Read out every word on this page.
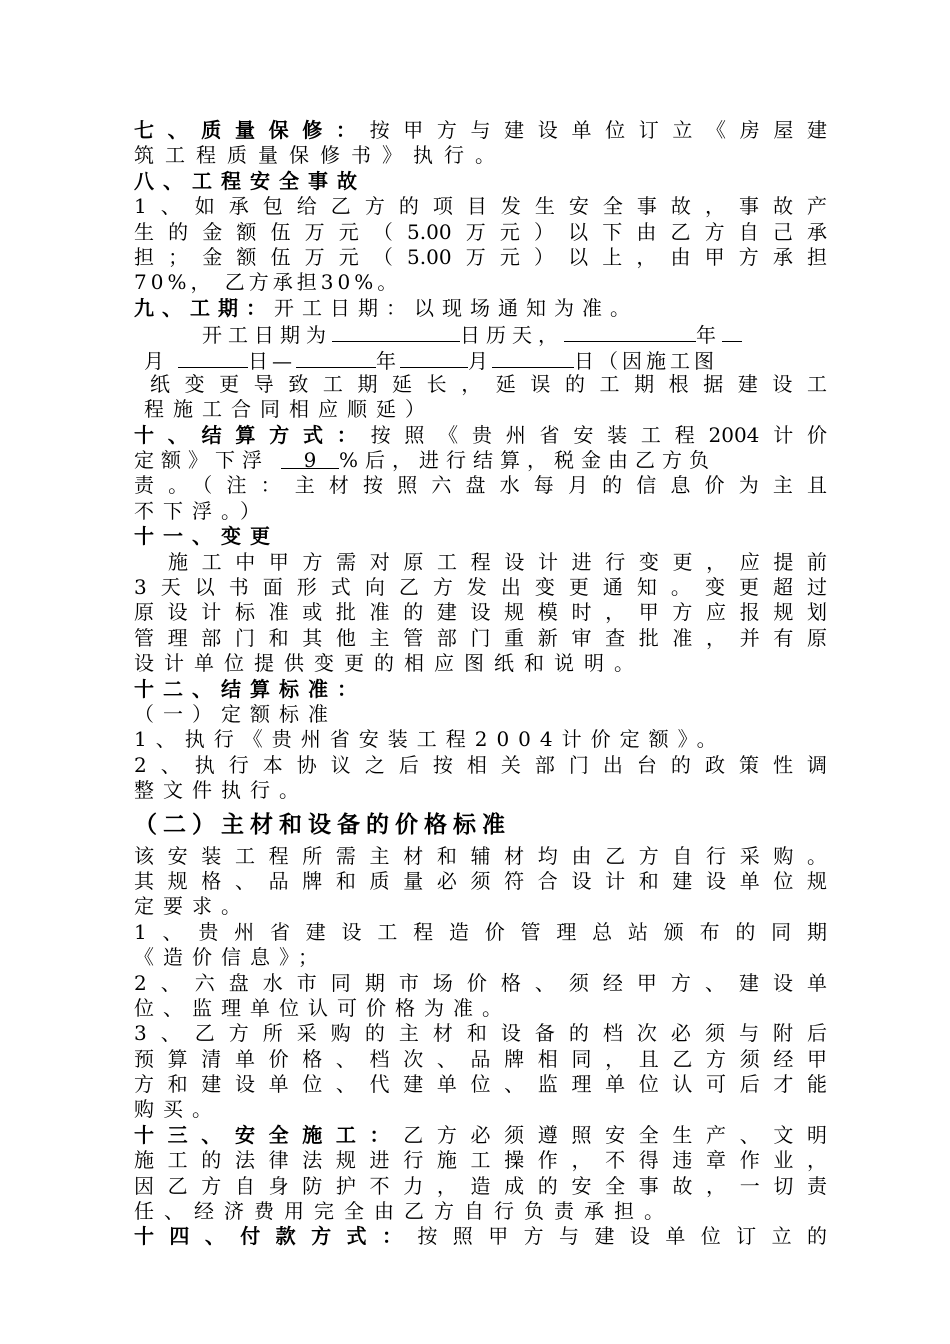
七、质量保修：按甲方与建设单位订立《房屋建
筑工程质量保修书》执行。
八、工程安全事故
1、如承包给乙方的项目发生安全事故，事故产
生的金额伍万元（5.00万元）以下由乙方自己承
担；金额伍万元（5.00万元）以上，由甲方承担
70%， 乙方承担30%。
九、工期：开工日期：以现场通知为准。
开工日期为	日历天，	年
月	日—	年	月	日（因施工图
纸变更导致工期延长，延误的工期根据建设工
程施工合同相应顺延）
十、结算方式：按照《贵州省安装工程2004计价
定额》下浮 9 %后，进行结算，税金由乙方负
责。（注：主材按照六盘水每月的信息价为主且
不下浮。）
十一、变更
施工中甲方需对原工程设计进行变更，应提前
3天以书面形式向乙方发出变更通知。变更超过
原设计标准或批准的建设规模时，甲方应报规划
管理部门和其他主管部门重新审查批准，并有原
设计单位提供变更的相应图纸和说明。
十二、结算标准：
（一）定额标准
1、执行《贵州省安装工程2004计价定额》。
2、执行本协议之后按相关部门出台的政策性调
整文件执行。
（二）主材和设备的价格标准
该安装工程所需主材和辅材均由乙方自行采购。
其规格、品牌和质量必须符合设计和建设单位规
定要求。
1、贵州省建设工程造价管理总站颁布的同期
《造价信息》；
2、六盘水市同期市场价格、须经甲方、建设单
位、监理单位认可价格为准。
3、乙方所采购的主材和设备的档次必须与附后
预算清单价格、档次、品牌相同，且乙方须经甲
方和建设单位、代建单位、监理单位认可后才能
购买。
十三、安全施工：乙方必须遵照安全生产、文明
施工的法律法规进行施工操作，不得违章作业，
因乙方自身防护不力，造成的安全事故，一切责
任、经济费用完全由乙方自行负责承担。
十四、付款方式：按照甲方与建设单位订立的
